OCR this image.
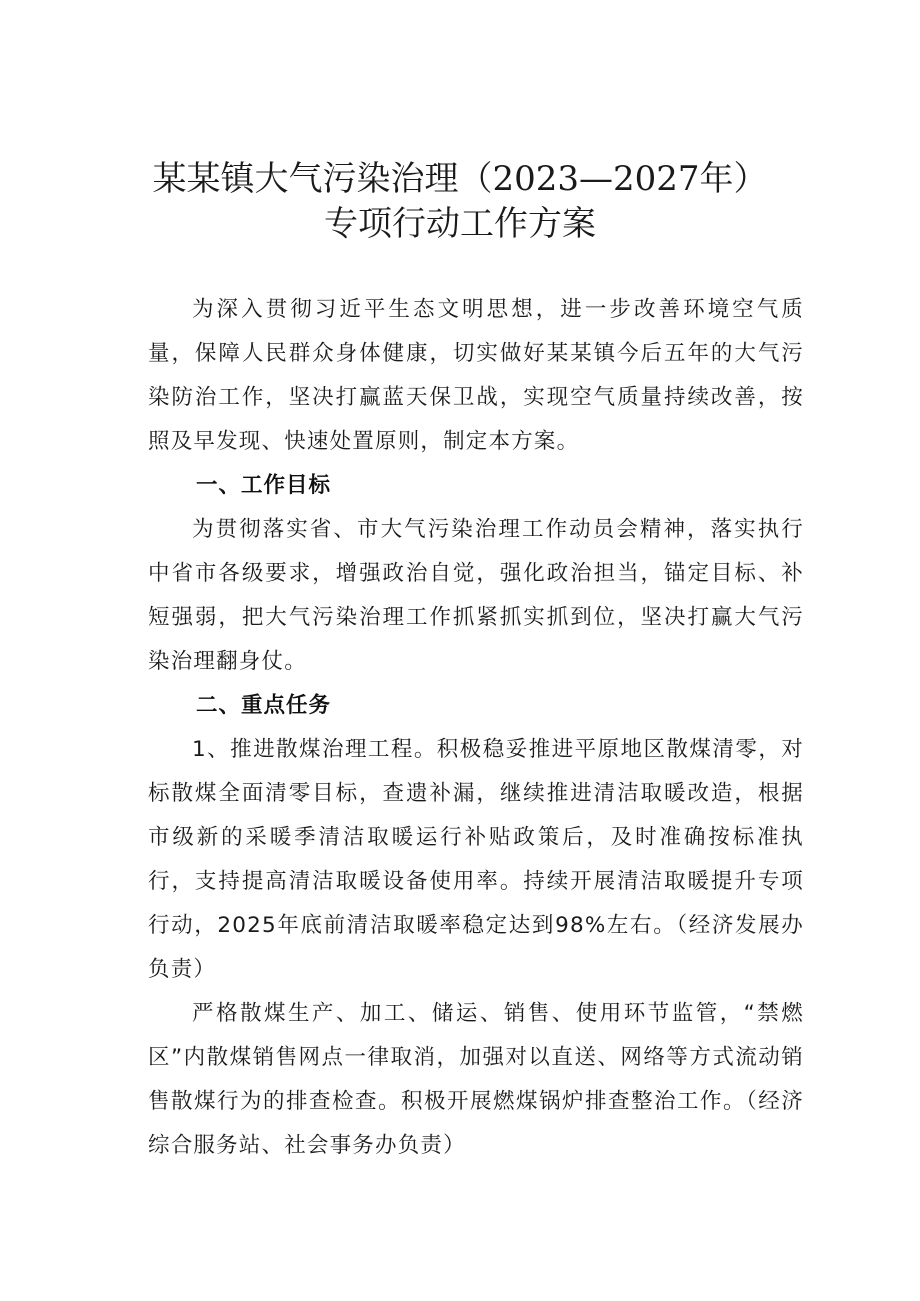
某某镇大气污染治理（2023—2027年）
专项行动工作方案

为深入贯彻习近平生态文明思想，进一步改善环境空气质量，保障人民群众身体健康，切实做好某某镇今后五年的大气污染防治工作，坚决打赢蓝天保卫战，实现空气质量持续改善，按照及早发现、快速处置原则，制定本方案。

一、工作目标

为贯彻落实省、市大气污染治理工作动员会精神，落实执行中省市各级要求，增强政治自觉，强化政治担当，锚定目标、补短强弱，把大气污染治理工作抓紧抓实抓到位，坚决打赢大气污染治理翻身仗。

二、重点任务

1、推进散煤治理工程。积极稳妥推进平原地区散煤清零，对标散煤全面清零目标，查遗补漏，继续推进清洁取暖改造，根据市级新的采暖季清洁取暖运行补贴政策后，及时准确按标准执行，支持提高清洁取暖设备使用率。持续开展清洁取暖提升专项行动，2025年底前清洁取暖率稳定达到98%左右。（经济发展办负责）

严格散煤生产、加工、储运、销售、使用环节监管，“禁燃区”内散煤销售网点一律取消，加强对以直送、网络等方式流动销售散煤行为的排查检查。积极开展燃煤锅炉排查整治工作。（经济综合服务站、社会事务办负责）
